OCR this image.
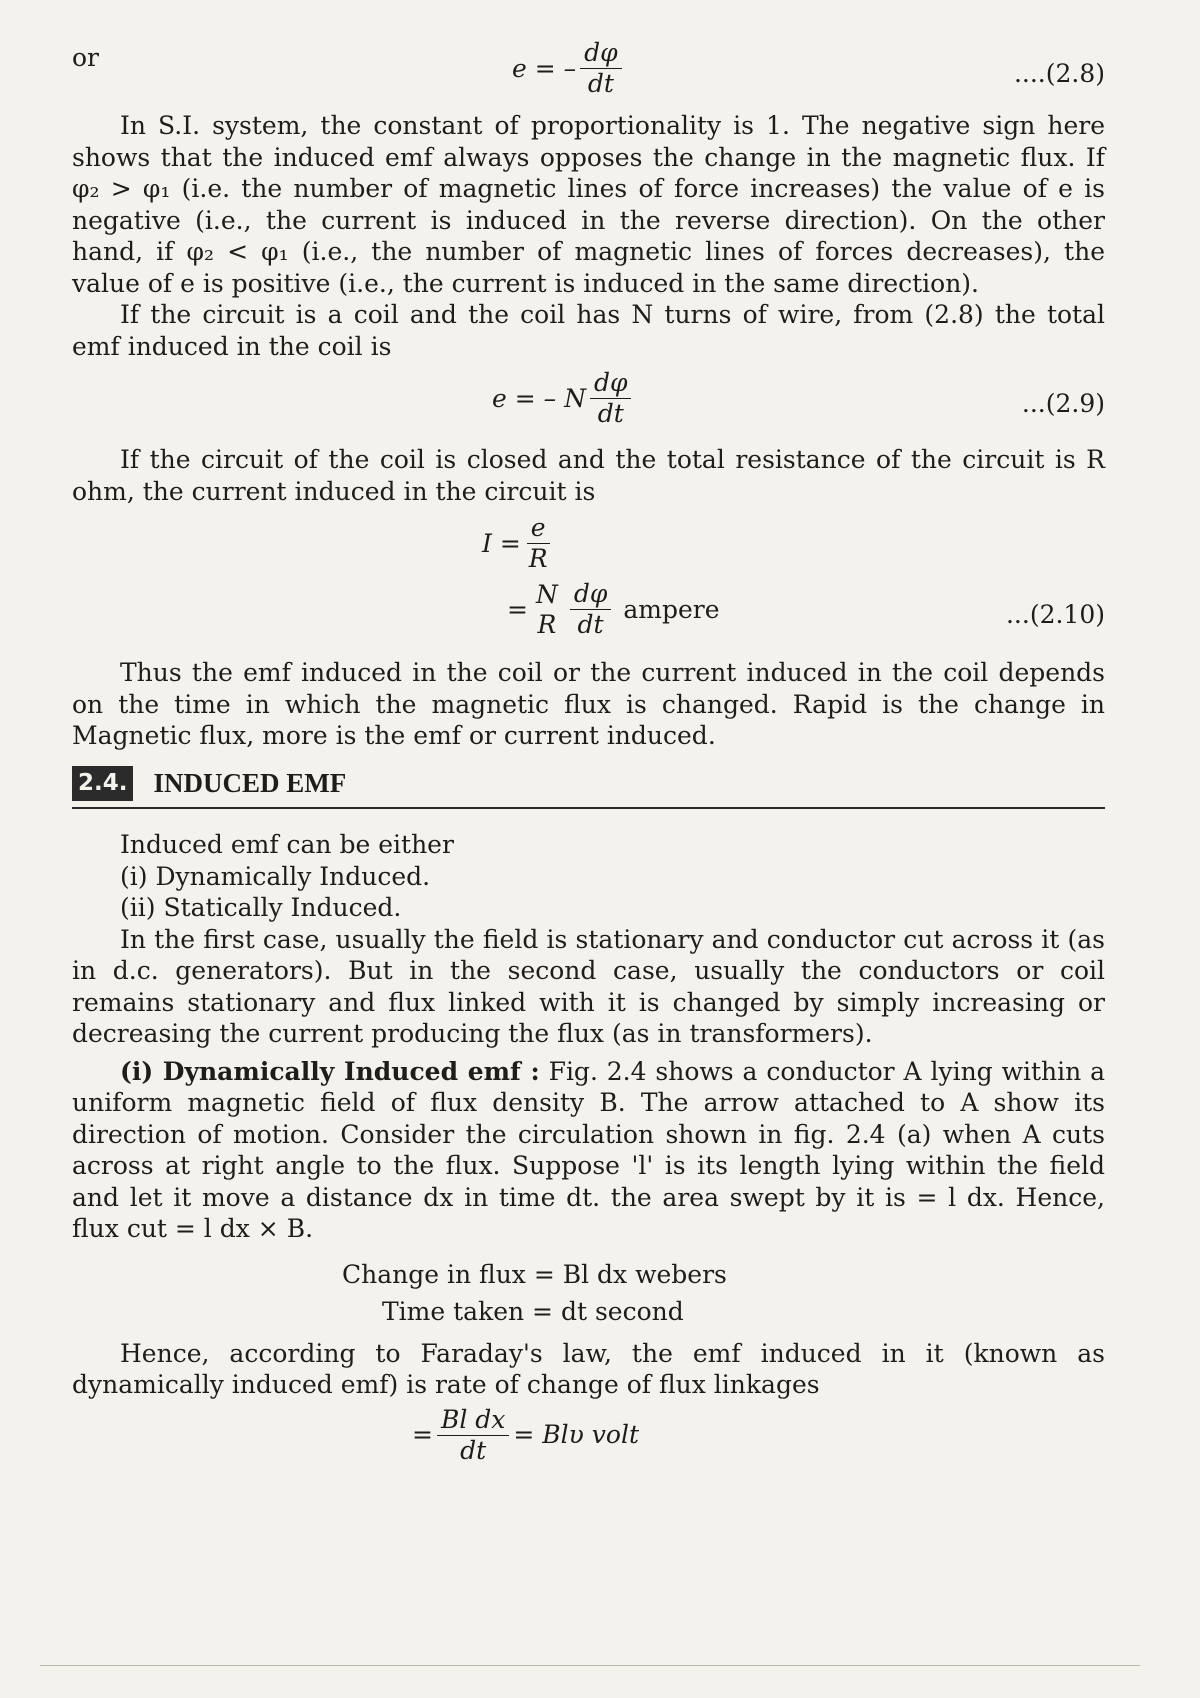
or	e = – $\frac{d\varphi}{dt}$	....(2.8)

In S.I. system, the constant of proportionality is 1. The negative sign here shows that the induced emf always opposes the change in the magnetic flux. If φ₂ > φ₁ (i.e. the number of magnetic lines of force increases) the value of e is negative (i.e., the current is induced in the reverse direction). On the other hand, if φ₂ < φ₁ (i.e., the number of magnetic lines of forces decreases), the value of e is positive (i.e., the current is induced in the same direction).

If the circuit is a coil and the coil has N turns of wire, from (2.8) the total emf induced in the coil is

e = – N $\frac{d\varphi}{dt}$	...(2.9)

If the circuit of the coil is closed and the total resistance of the circuit is R ohm, the current induced in the circuit is

$I = \frac{e}{R}$
=
N
R $\frac{d\varphi}{dt}$ ampere	...(2.10)

Thus the emf induced in the coil or the current induced in the coil depends on the time in which the magnetic flux is changed. Rapid is the change in Magnetic flux, more is the emf or current induced.

2.4. INDUCED EMF

Induced emf can be either

(i) Dynamically Induced.

(ii) Statically Induced.

In the first case, usually the field is stationary and conductor cut across it (as in d.c. generators). But in the second case, usually the conductors or coil remains stationary and flux linked with it is changed by simply increasing or decreasing the current producing the flux (as in transformers).

(i) Dynamically Induced emf : Fig. 2.4 shows a conductor A lying within a uniform magnetic field of flux density B. The arrow attached to A show its direction of motion. Consider the circulation shown in fig. 2.4 (a) when A cuts across at right angle to the flux. Suppose 'l' is its length lying within the field and let it move a distance dx in time dt. the area swept by it is = l dx. Hence, flux cut = l dx × B.

Change in flux = Bl dx webers

Time taken = dt second

Hence, according to Faraday's law, the emf induced in it (known as dynamically induced emf) is rate of change of flux linkages

= $\frac{\text{Bl dx}}{dt} = Bl\upsilon$ volt
